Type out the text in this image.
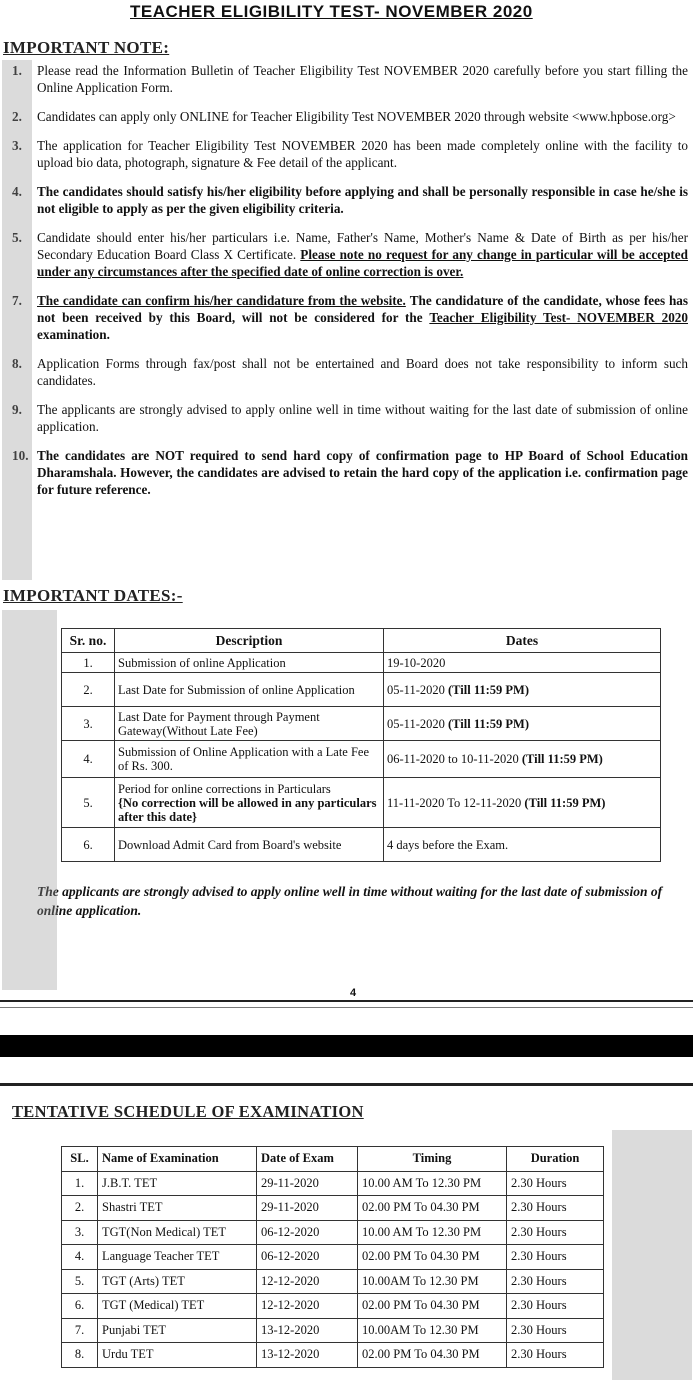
TEACHER ELIGIBILITY TEST- NOVEMBER 2020
IMPORTANT NOTE:
1. Please read the Information Bulletin of Teacher Eligibility Test NOVEMBER 2020 carefully before you start filling the Online Application Form.
2. Candidates can apply only ONLINE for Teacher Eligibility Test NOVEMBER 2020 through website <www.hpbose.org>
3. The application for Teacher Eligibility Test NOVEMBER 2020 has been made completely online with the facility to upload bio data, photograph, signature & Fee detail of the applicant.
4. The candidates should satisfy his/her eligibility before applying and shall be personally responsible in case he/she is not eligible to apply as per the given eligibility criteria.
5. Candidate should enter his/her particulars i.e. Name, Father's Name, Mother's Name & Date of Birth as per his/her Secondary Education Board Class X Certificate. Please note no request for any change in particular will be accepted under any circumstances after the specified date of online correction is over.
7. The candidate can confirm his/her candidature from the website. The candidature of the candidate, whose fees has not been received by this Board, will not be considered for the Teacher Eligibility Test- NOVEMBER 2020 examination.
8. Application Forms through fax/post shall not be entertained and Board does not take responsibility to inform such candidates.
9. The applicants are strongly advised to apply online well in time without waiting for the last date of submission of online application.
10. The candidates are NOT required to send hard copy of confirmation page to HP Board of School Education Dharamshala. However, the candidates are advised to retain the hard copy of the application i.e. confirmation page for future reference.
IMPORTANT DATES:-
Sr. no.	Description	Dates
1.	Submission of online Application	19-10-2020
2.	Last Date for Submission of online Application	05-11-2020 (Till 11:59 PM)
3.	Last Date for Payment through Payment Gateway(Without Late Fee)	05-11-2020 (Till 11:59 PM)
4.	Submission of Online Application with a Late Fee of Rs. 300.	06-11-2020 to 10-11-2020 (Till 11:59 PM)
5.	Period for online corrections in Particulars
{No correction will be allowed in any particulars after this date}	11-11-2020 To 12-11-2020 (Till 11:59 PM)
6.	Download Admit Card from Board's website	4 days before the Exam.
The applicants are strongly advised to apply online well in time without waiting for the last date of submission of online application.
4
TENTATIVE SCHEDULE OF EXAMINATION
SL.	Name of Examination	Date of Exam	Timing	Duration
1.	J.B.T. TET	29-11-2020	10.00 AM To 12.30 PM	2.30 Hours
2.	Shastri TET	29-11-2020	02.00 PM To 04.30 PM	2.30 Hours
3.	TGT(Non Medical) TET	06-12-2020	10.00 AM To 12.30 PM	2.30 Hours
4.	Language Teacher TET	06-12-2020	02.00 PM To 04.30 PM	2.30 Hours
5.	TGT (Arts) TET	12-12-2020	10.00AM To 12.30 PM	2.30 Hours
6.	TGT (Medical) TET	12-12-2020	02.00 PM To 04.30 PM	2.30 Hours
7.	Punjabi TET	13-12-2020	10.00AM To 12.30 PM	2.30 Hours
8.	Urdu TET	13-12-2020	02.00 PM To 04.30 PM	2.30 Hours
